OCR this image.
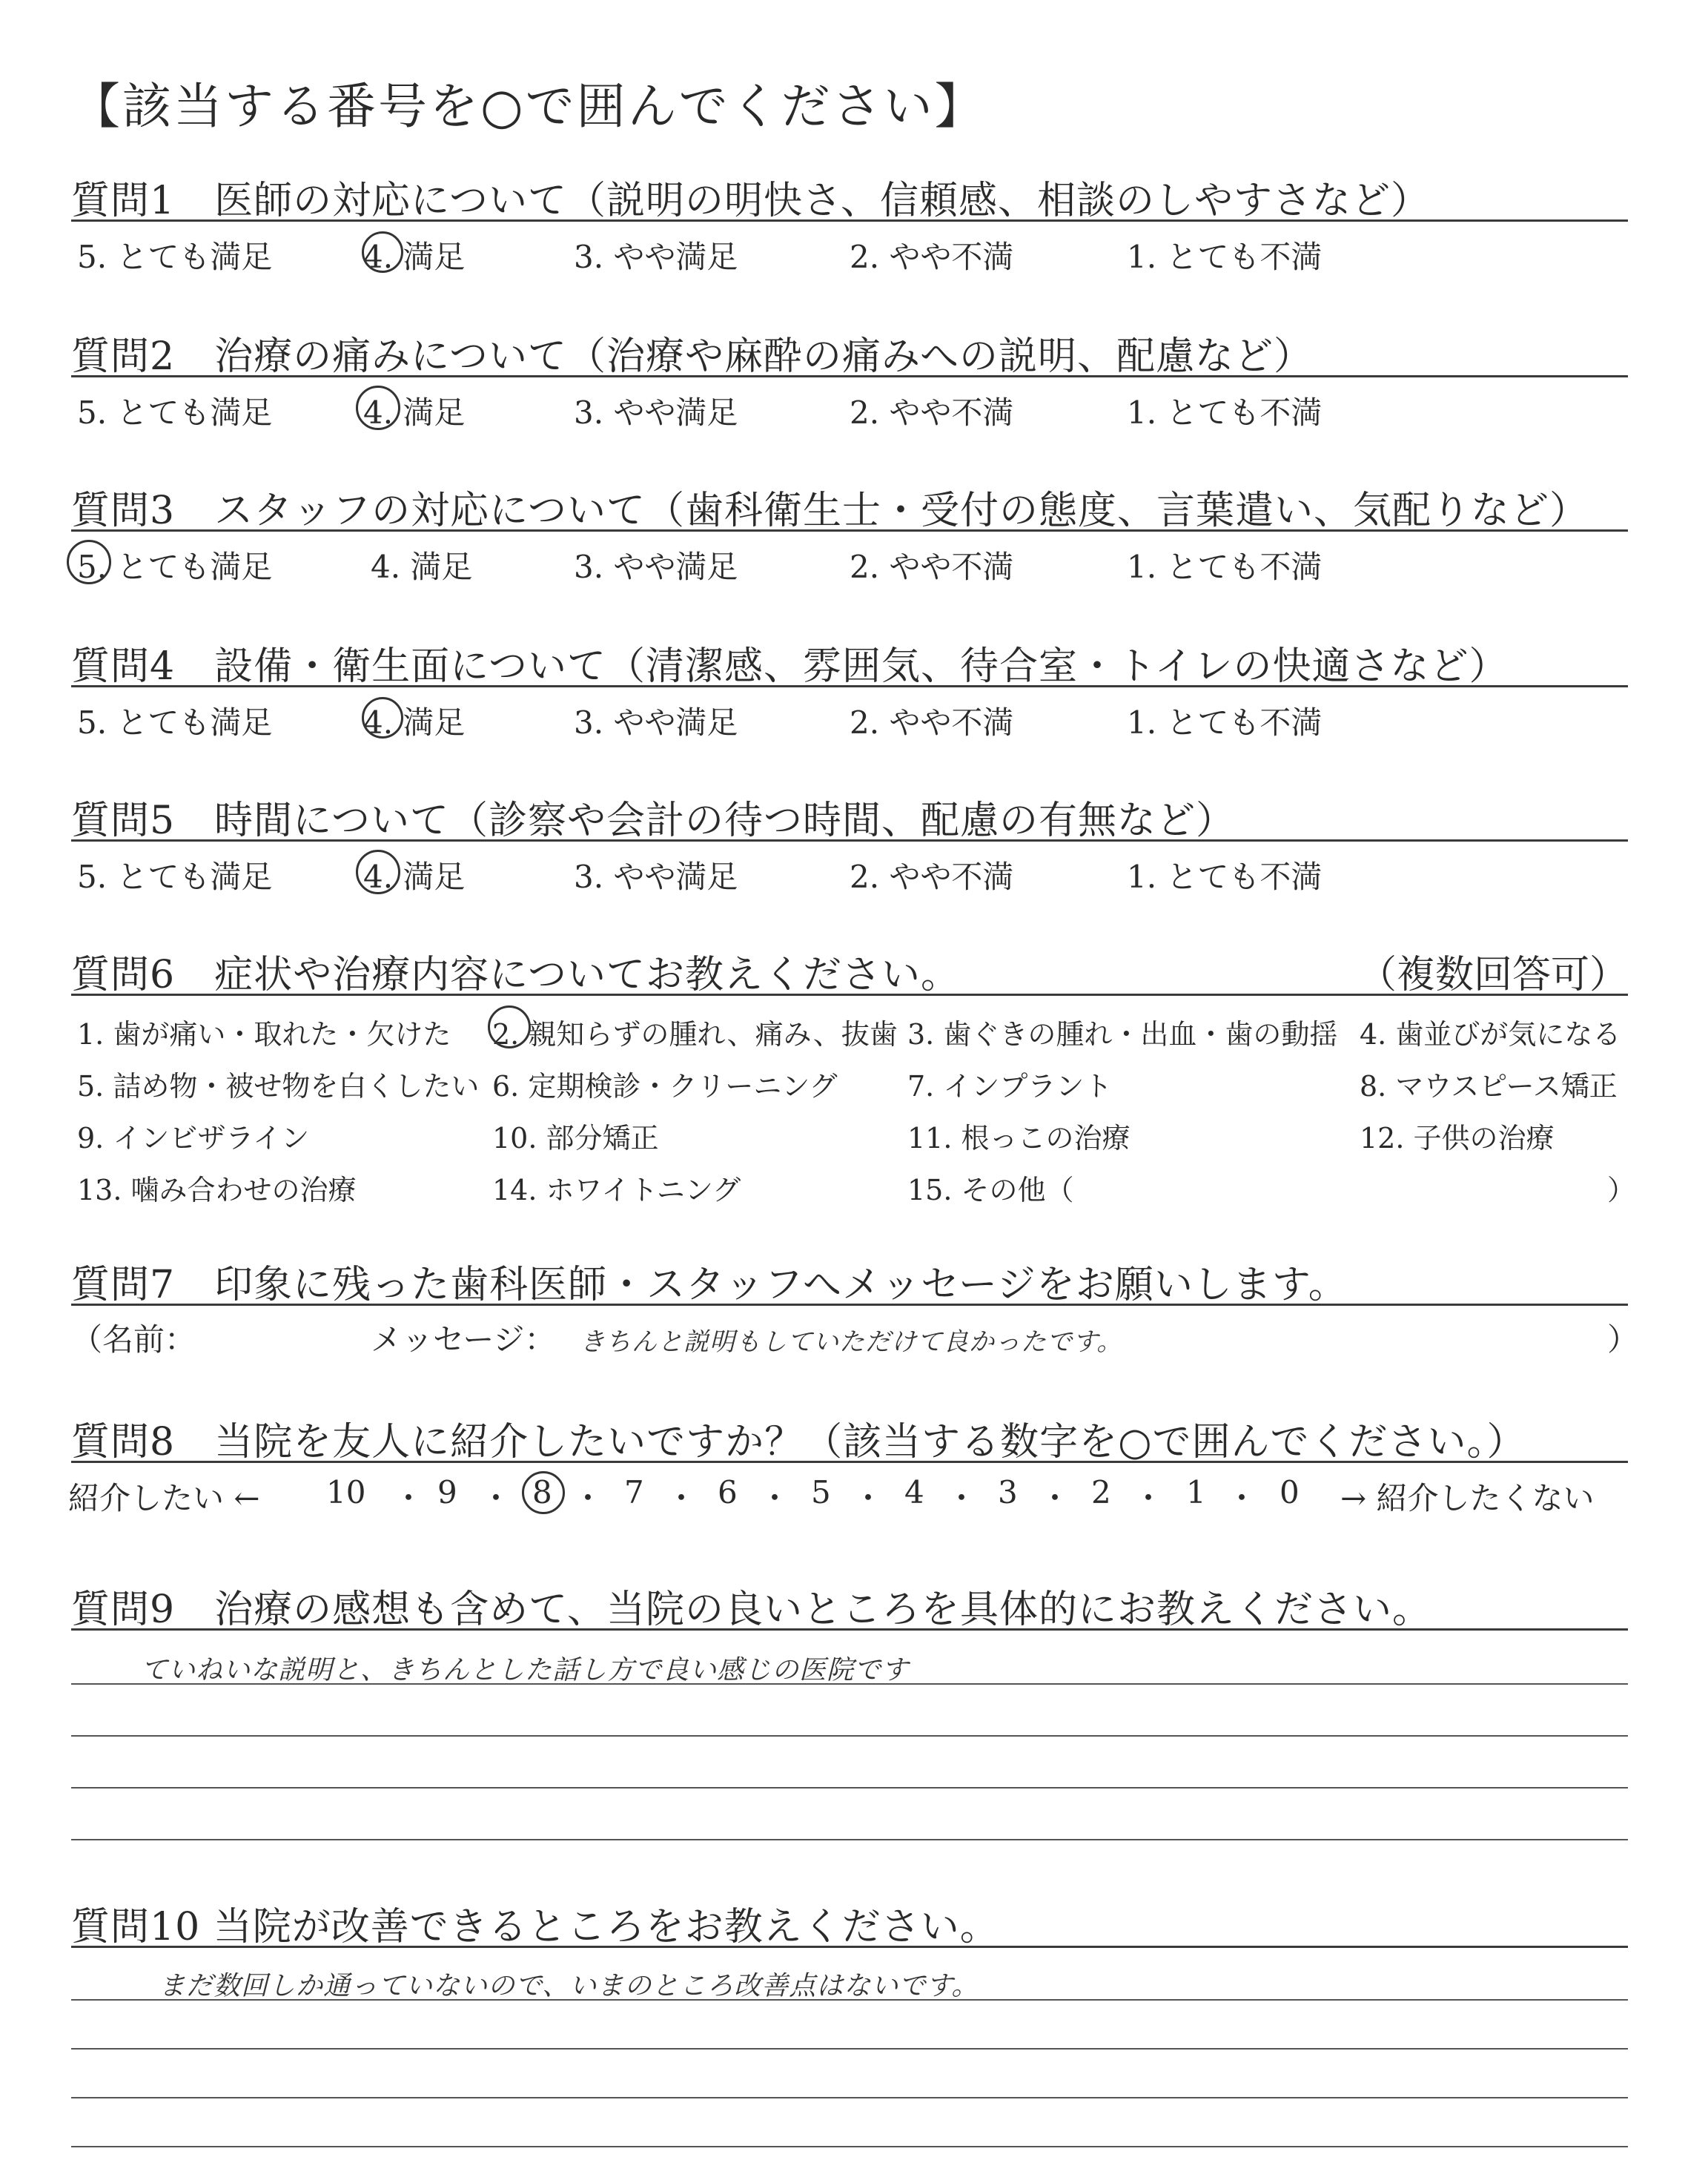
【該当する番号を○で囲んでください】
質問1　医師の対応について（説明の明快さ、信頼感、相談のしやすさなど）
5. とても満足	4. 満足	3. やや満足	2. やや不満	1. とても不満
質問2　治療の痛みについて（治療や麻酔の痛みへの説明、配慮など）
5. とても満足	4. 満足	3. やや満足	2. やや不満	1. とても不満
質問3　スタッフの対応について（歯科衛生士・受付の態度、言葉遣い、気配りなど）
5. とても満足	4. 満足	3. やや満足	2. やや不満	1. とても不満
質問4　設備・衛生面について（清潔感、雰囲気、待合室・トイレの快適さなど）
5. とても満足	4. 満足	3. やや満足	2. やや不満	1. とても不満
質問5　時間について（診察や会計の待つ時間、配慮の有無など）
5. とても満足	4. 満足	3. やや満足	2. やや不満	1. とても不満
質問6　症状や治療内容についてお教えください。	（複数回答可）
1. 歯が痛い・取れた・欠けた 2. 親知らずの腫れ、痛み、抜歯 3. 歯ぐきの腫れ・出血・歯の動揺 4. 歯並びが気になる
5. 詰め物・被せ物を白くしたい 6. 定期検診・クリーニング 7. インプラント	8. マウスピース矯正
9. インビザライン	10. 部分矯正	11. 根っこの治療	12. 子供の治療
13. 噛み合わせの治療	14. ホワイトニング	15. その他（	）
質問7　印象に残った歯科医師・スタッフへメッセージをお願いします。
（名前：	メッセージ： きちんと説明もしていただけて良かったです。	）
質問8　当院を友人に紹介したいですか？（該当する数字を○で囲んでください。）
紹介したい ← 10 ・ 9 ・ 8 ・ 7 ・ 6 ・ 5 ・ 4 ・ 3 ・ 2 ・ 1 ・ 0 → 紹介したくない
質問9　治療の感想も含めて、当院の良いところを具体的にお教えください。
ていねいな説明と、きちんとした話し方で良い感じの医院です
質問10 当院が改善できるところをお教えください。
まだ数回しか通っていないので、いまのところ改善点はないです。
